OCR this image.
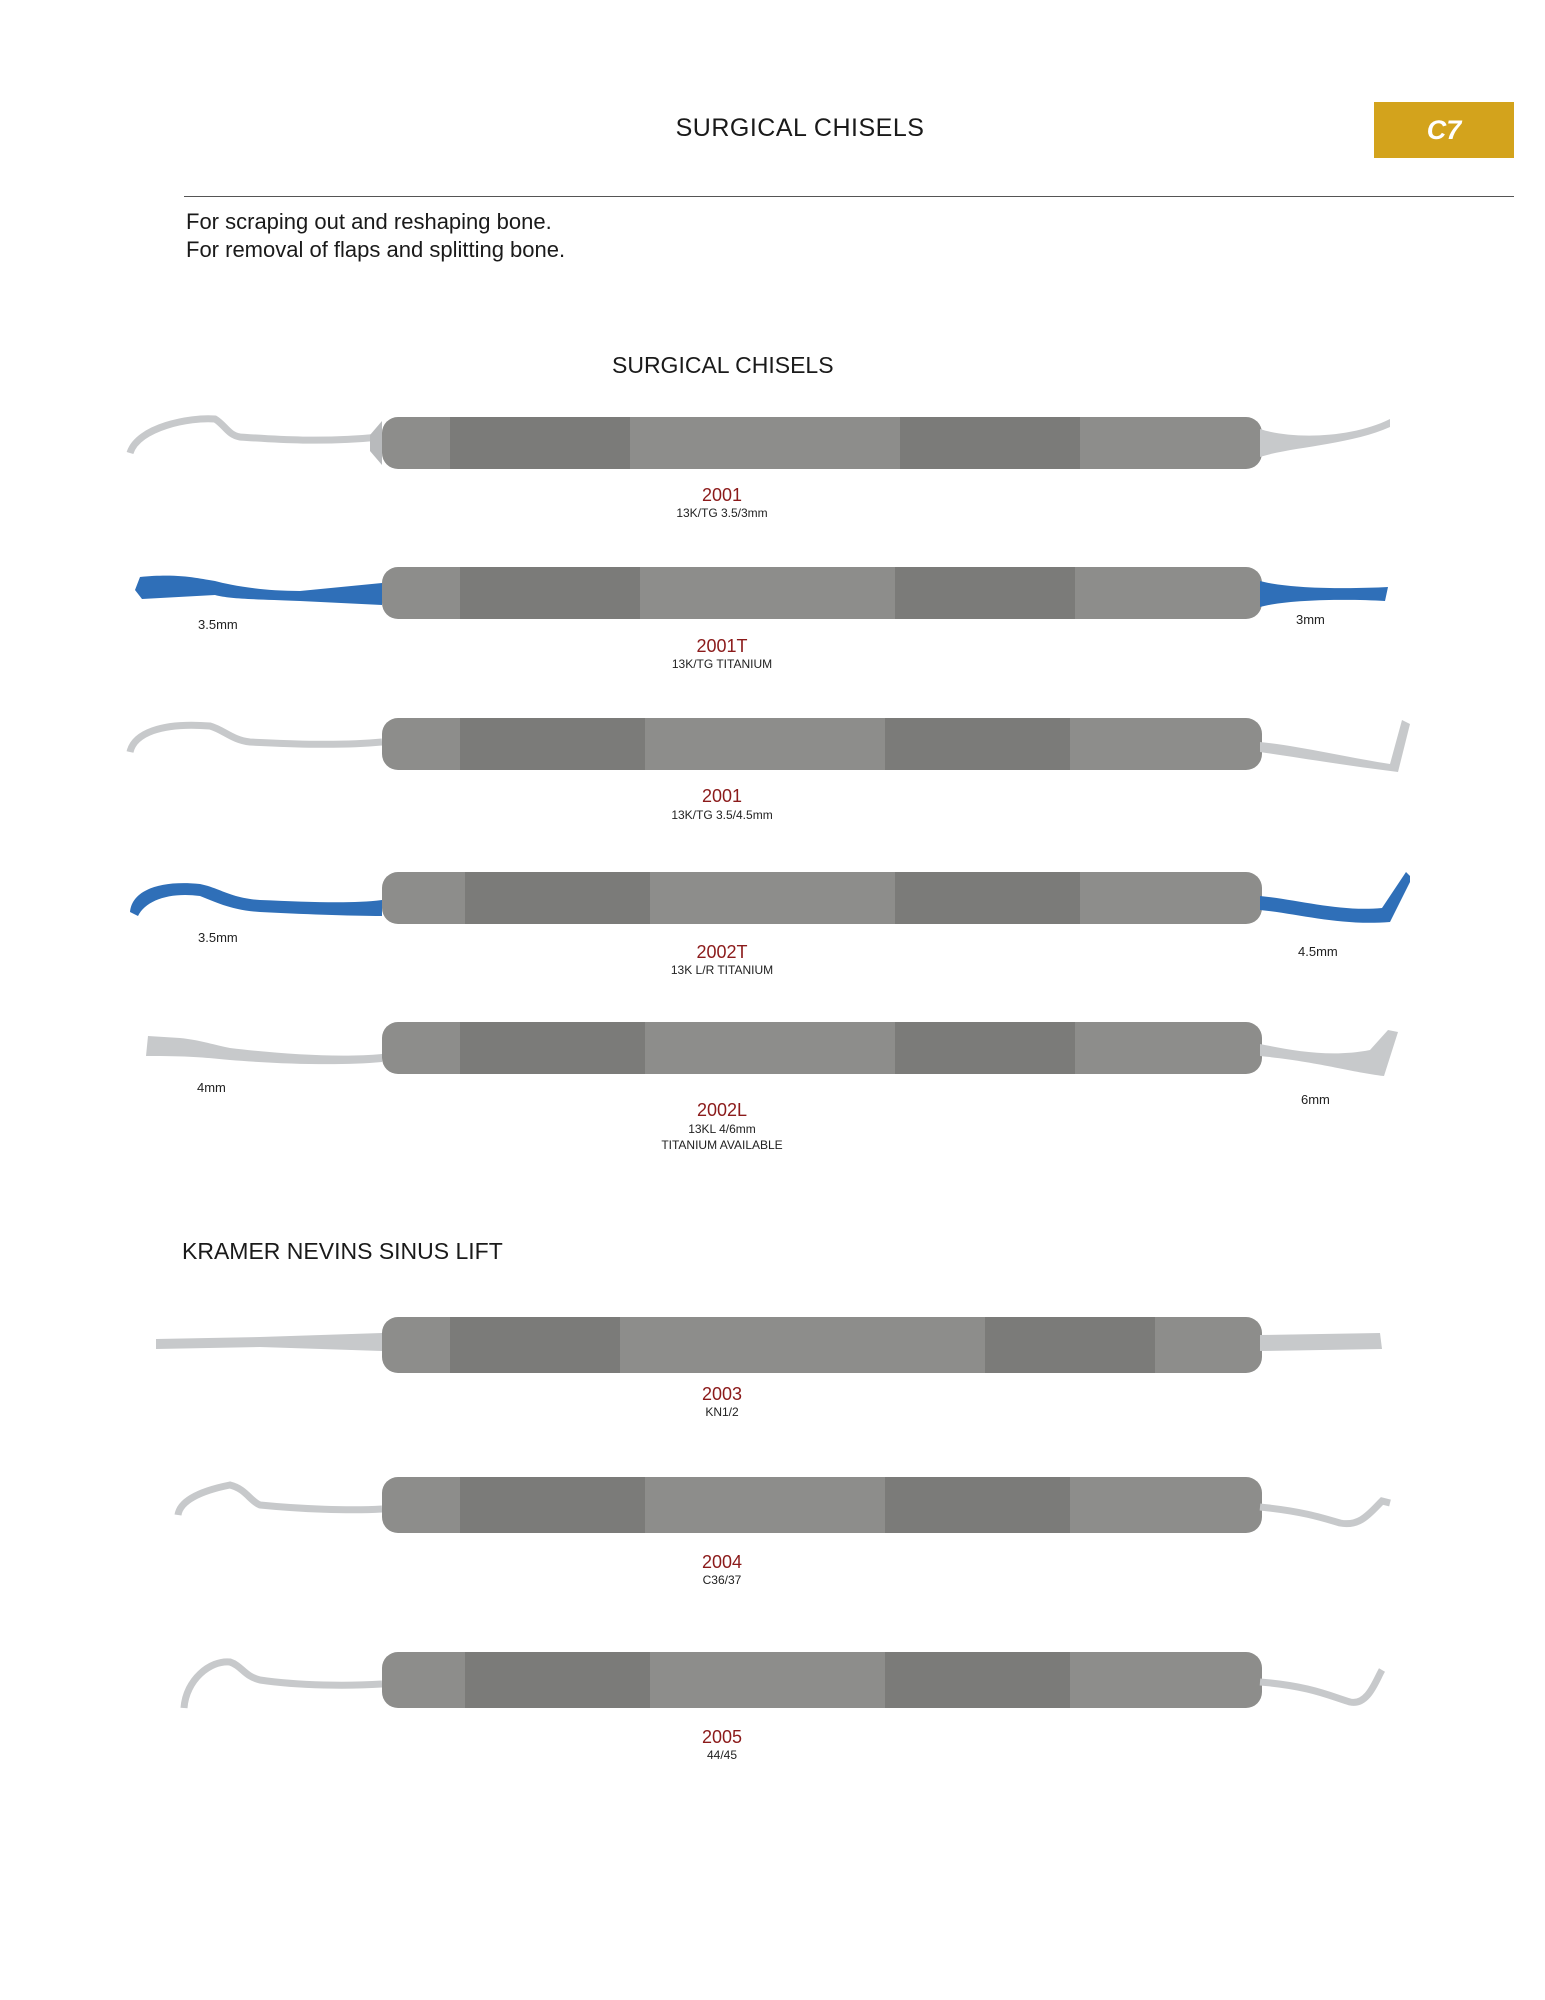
SURGICAL CHISELS	C7
For scraping out and reshaping bone.
For removal of flaps and splitting bone.
SURGICAL CHISELS
2001
13K/TG 3.5/3mm
3.5mm	3mm
2001T
13K/TG TITANIUM
2001
13K/TG 3.5/4.5mm
3.5mm
4.5mm
2002T
13K L/R TITANIUM
4mm
6mm
2002L
13KL 4/6mm
TITANIUM AVAILABLE
KRAMER NEVINS SINUS LIFT
2003
KN1/2
2004
C36/37
2005
44/45
